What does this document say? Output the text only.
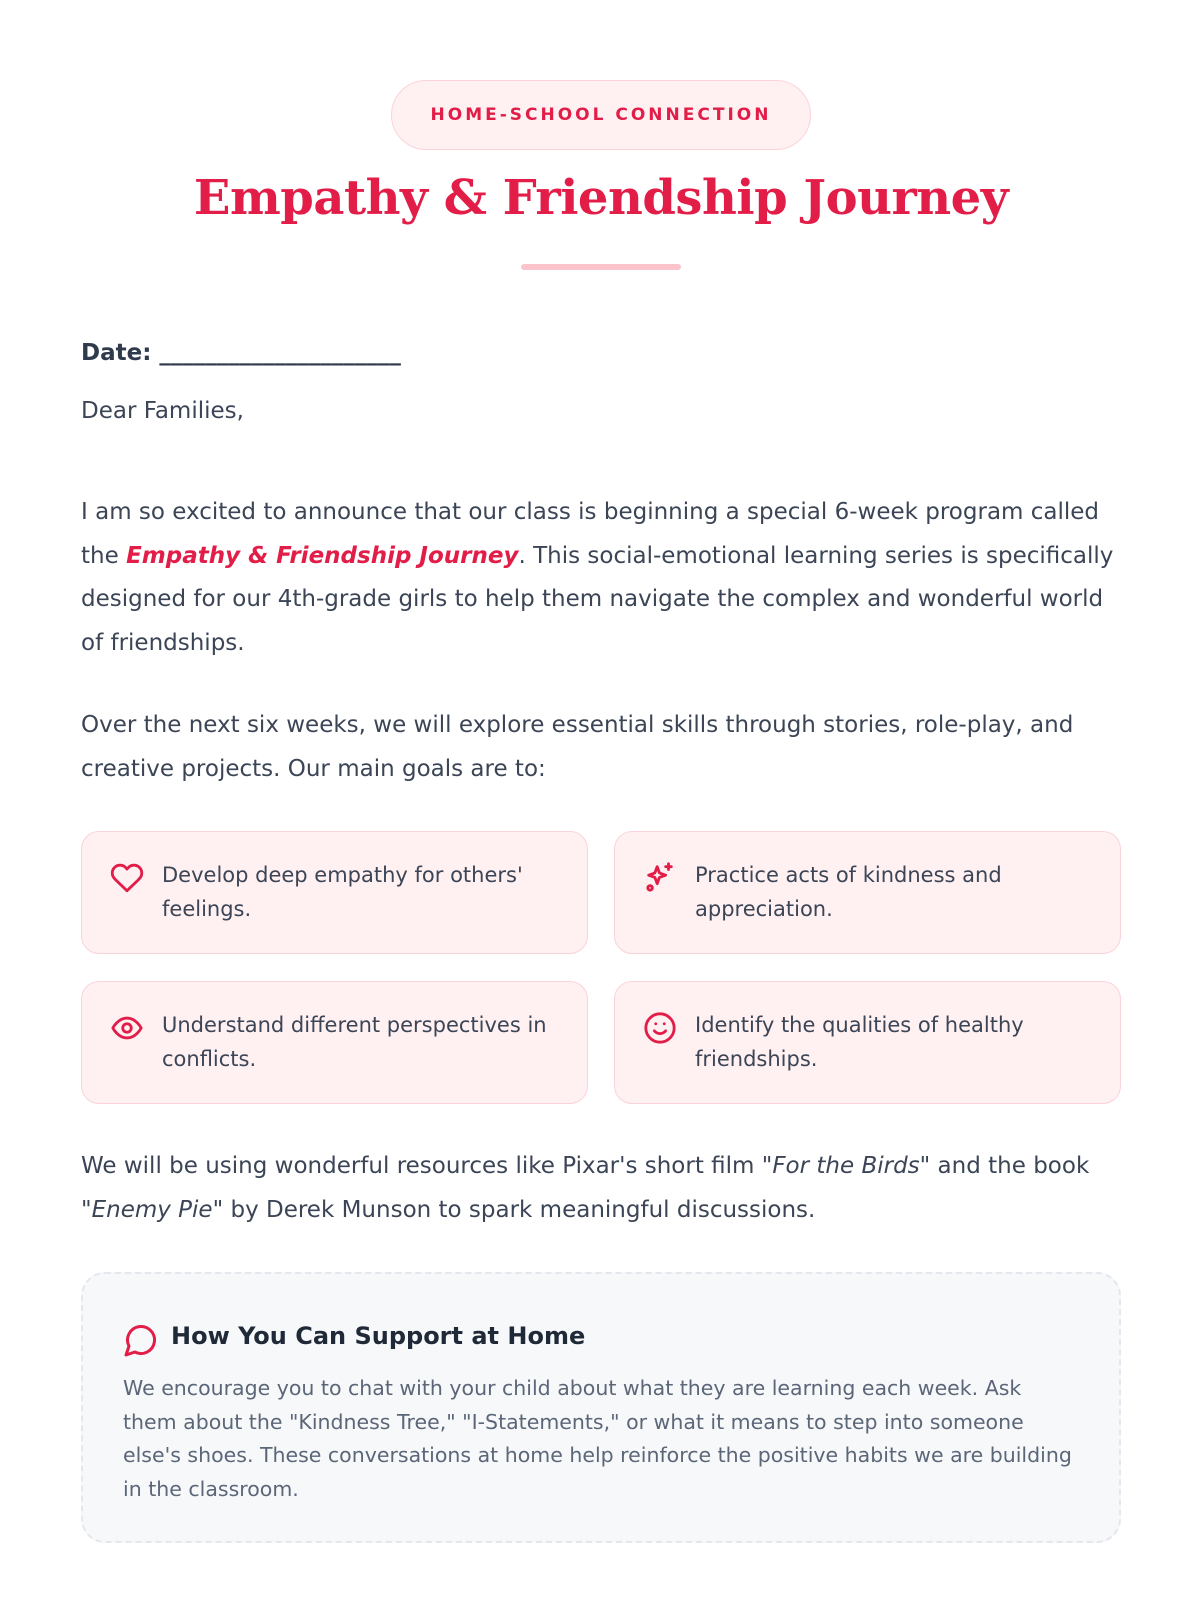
HOME-SCHOOL CONNECTION
Empathy & Friendship Journey
Date: _____________________
Dear Families,

I am so excited to announce that our class is beginning a special 6-week program called the Empathy & Friendship Journey. This social-emotional learning series is specifically designed for our 4th-grade girls to help them navigate the complex and wonderful world of friendships.

Over the next six weeks, we will explore essential skills through stories, role-play, and creative projects. Our main goals are to:

Develop deep empathy for others' feelings.
Practice acts of kindness and appreciation.
Understand different perspectives in conflicts.
Identify the qualities of healthy friendships.

We will be using wonderful resources like Pixar's short film "For the Birds" and the book "Enemy Pie" by Derek Munson to spark meaningful discussions.

How You Can Support at Home
We encourage you to chat with your child about what they are learning each week. Ask them about the "Kindness Tree," "I-Statements," or what it means to step into someone else's shoes. These conversations at home help reinforce the positive habits we are building in the classroom.
